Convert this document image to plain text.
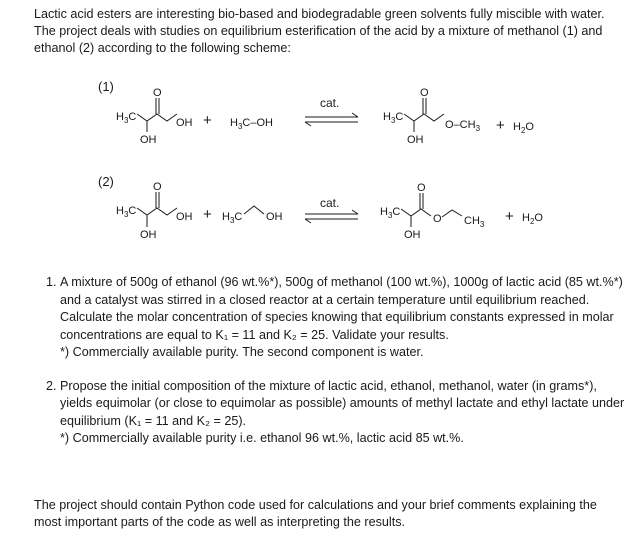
Lactic acid esters are interesting bio-based and biodegradable green solvents fully miscible with water. The project deals with studies on equilibrium esterification of the acid by a mixture of methanol (1) and ethanol (2) according to the following scheme:

(1)
$H_3C$
O
OH
OH
+ $H_3C-OH$
cat.
$H_3C$
O
$O-CH_3$
OH
+ $H_2O$
(2)
$H_3C$
O
OH
OH
+ $H_3C$ OH
cat.
$H_3C$
O
O $CH_3$
OH
+ $H_2O$
1. A mixture of 500g of ethanol (96 wt.%*), 500g of methanol (100 wt.%), 1000g of lactic acid (85 wt.%*) and a catalyst was stirred in a closed reactor at a certain temperature until equilibrium reached. Calculate the molar concentration of species knowing that equilibrium constants expressed in molar concentrations are equal to K₁ = 11 and K₂ = 25. Validate your results.
*) Commercially available purity. The second component is water.
2. Propose the initial composition of the mixture of lactic acid, ethanol, methanol, water (in grams*), yields equimolar (or close to equimolar as possible) amounts of methyl lactate and ethyl lactate under equilibrium (K₁ = 11 and K₂ = 25).
*) Commercially available purity i.e. ethanol 96 wt.%, lactic acid 85 wt.%.

The project should contain Python code used for calculations and your brief comments explaining the most important parts of the code as well as interpreting the results.
